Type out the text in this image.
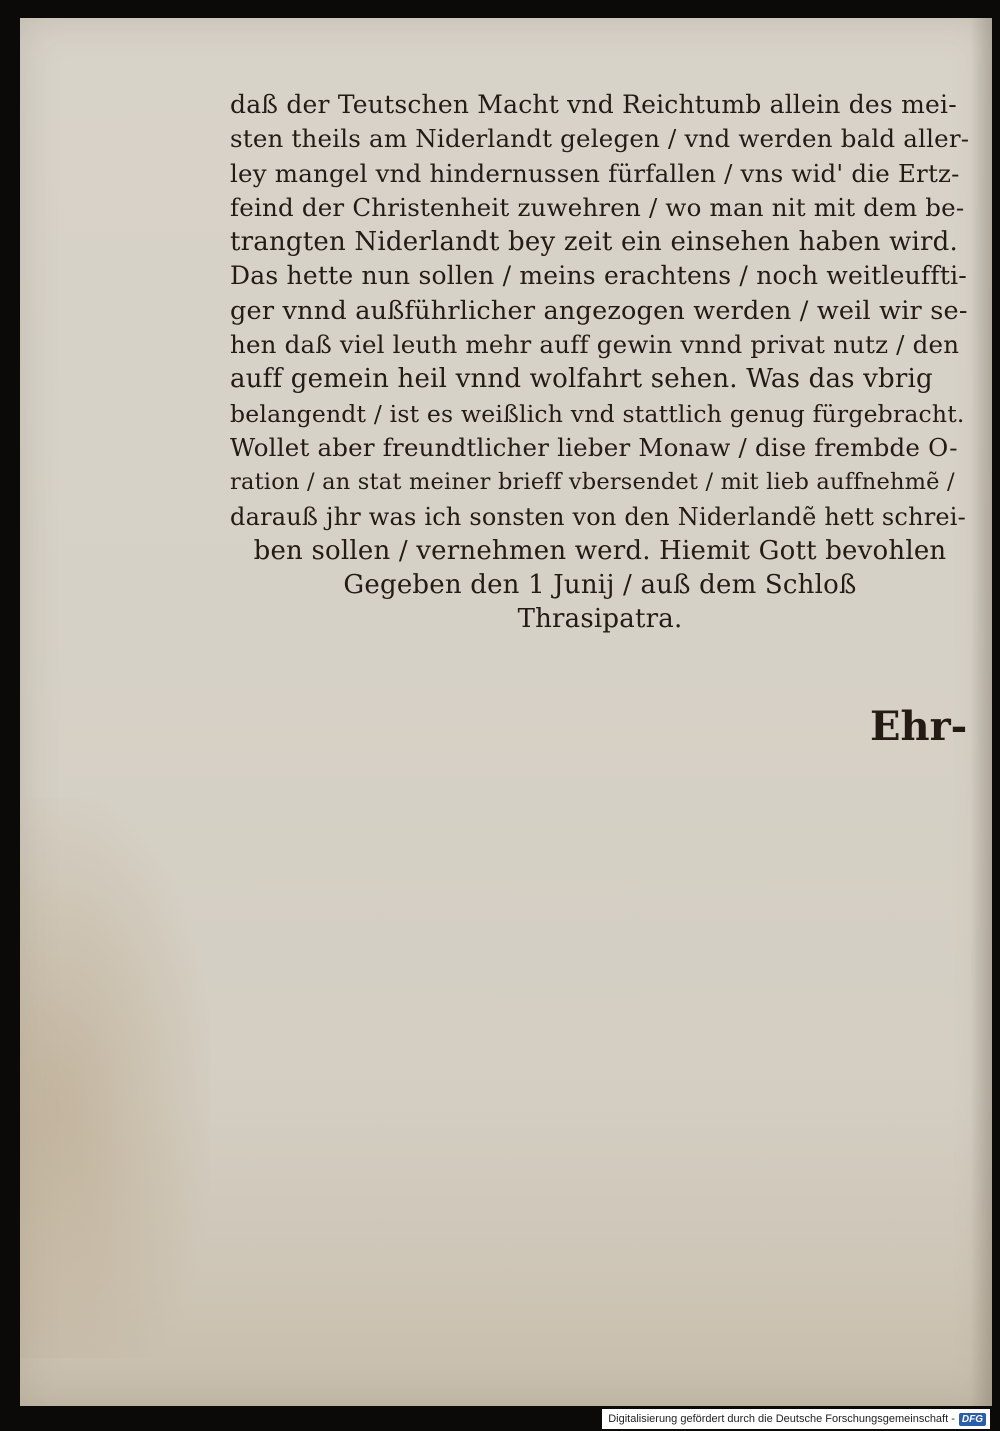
daß der Teutschen Macht vnd Reichtumb allein des mei-
sten theils am Niderlandt gelegen / vnd werden bald aller-
ley mangel vnd hindernussen fürfallen / vns wid' die Ertz-
feind der Christenheit zuwehren / wo man nit mit dem be-
trangten Niderlandt bey zeit ein einsehen haben wird.
Das hette nun sollen / meins erachtens / noch weitleuffti-
ger vnnd außführlicher angezogen werden / weil wir se-
hen daß viel leuth mehr auff gewin vnnd privat nutz / den
auff gemein heil vnnd wolfahrt sehen. Was das vbrig
belangendt / ist es weißlich vnd stattlich genug fürgebracht.
Wollet aber freundtlicher lieber Monaw / dise frembde O-
ration / an stat meiner brieff vbersendet / mit lieb auffnehmẽ /
darauß jhr was ich sonsten von den Niderlandẽ hett schrei-
ben sollen / vernehmen werd. Hiemit Gott bevohlen
Gegeben den 1 Junij / auß dem Schloß
Thrasipatra.
Ehr-
Digitalisierung gefördert durch die Deutsche Forschungsgemeinschaft - DFG
